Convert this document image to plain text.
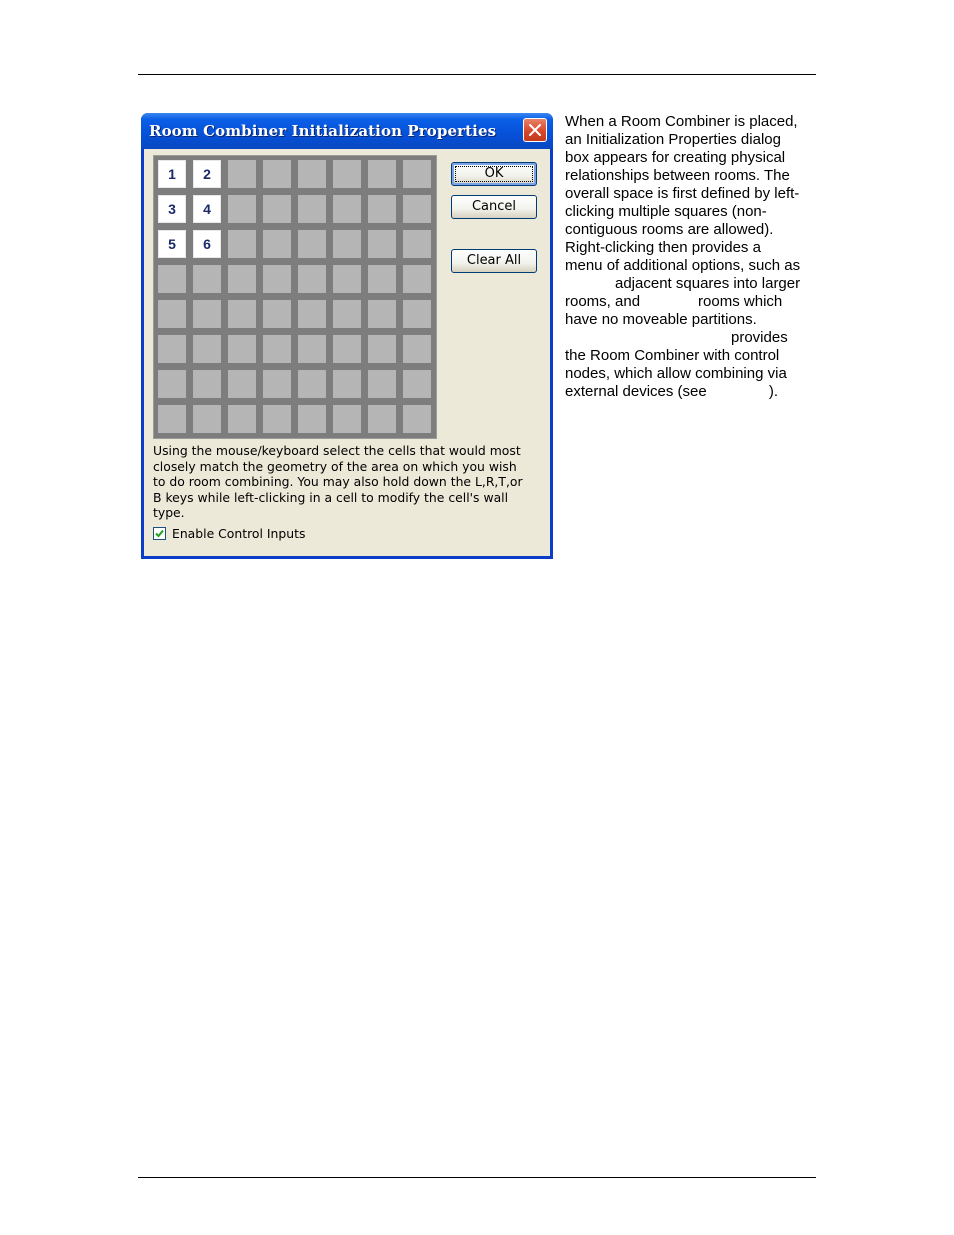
Room Combiner Initialization Properties
1	2
3	4
5	6
OK
Cancel
Clear All
Using the mouse/keyboard select the cells that would most closely match the geometry of the area on which you wish to do room combining. You may also hold down the L,R,T,or B keys while left-clicking in a cell to modify the cell's wall type.
Enable Control Inputs
When a Room Combiner is placed,
an Initialization Properties dialog
box appears for creating physical
relationships between rooms. The
overall space is first defined by left-
clicking multiple squares (non-
contiguous rooms are allowed).
Right-clicking then provides a
menu of additional options, such as
adjacent squares into larger
rooms, and	rooms which
have no moveable partitions.
provides
the Room Combiner with control
nodes, which allow combining via
external devices (see	).
